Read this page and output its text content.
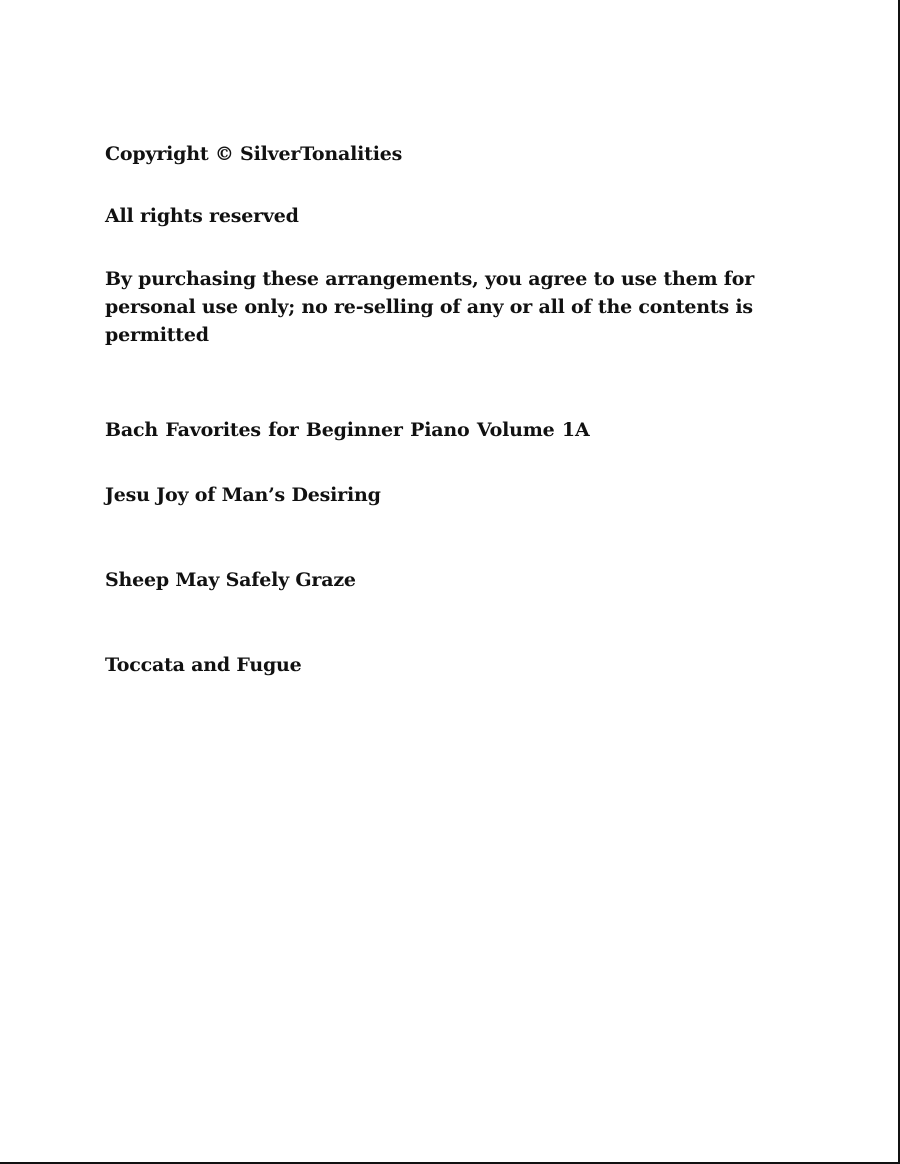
Copyright © SilverTonalities
All rights reserved
By purchasing these arrangements, you agree to use them for personal use only; no re-selling of any or all of the contents is permitted
Bach Favorites for Beginner Piano Volume 1A
Jesu Joy of Man’s Desiring
Sheep May Safely Graze
Toccata and Fugue
